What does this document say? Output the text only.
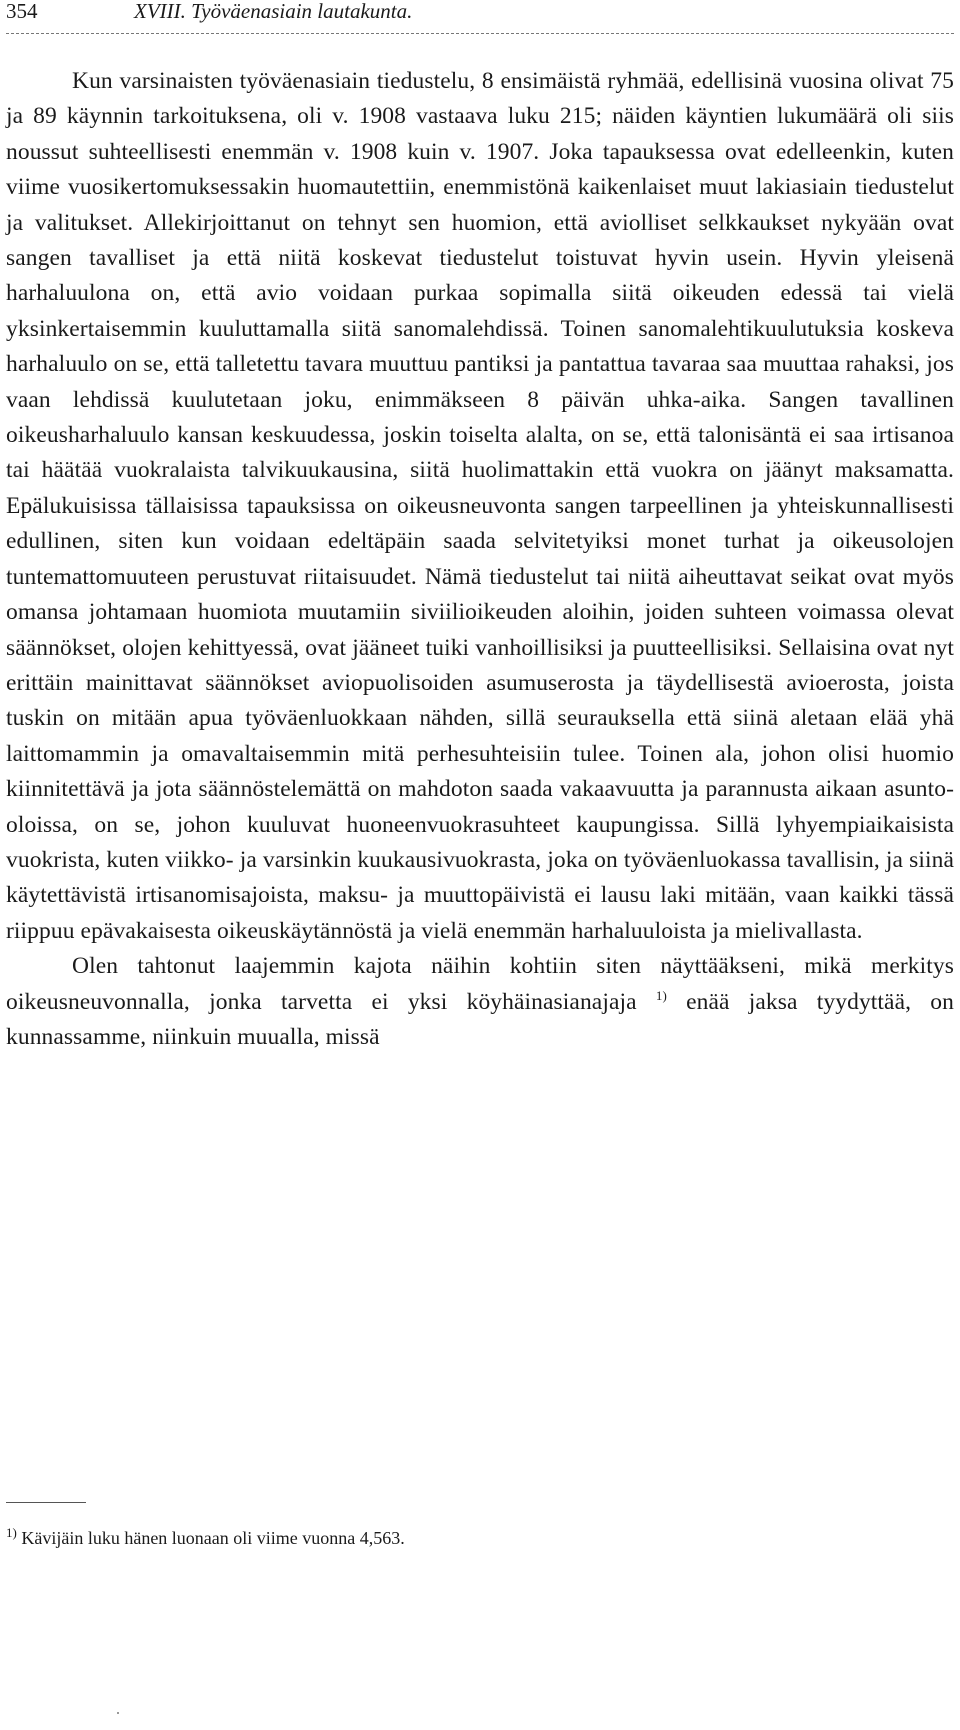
354	XVIII. Työväenasiain lautakunta.

Kun varsinaisten työväenasiain tiedustelu, 8 ensimäistä ryhmää, edellisinä vuosina olivat 75 ja 89 käynnin tarkoituksena, oli v. 1908 vastaava luku 215; näiden käyntien lukumäärä oli siis noussut suhteellisesti enemmän v. 1908 kuin v. 1907. Joka tapauksessa ovat edelleenkin, kuten viime vuosikertomuksessakin huomautettiin, enemmistönä kaikenlaiset muut lakiasiain tiedustelut ja valitukset. Allekirjoittanut on tehnyt sen huomion, että aviolliset selkkaukset nykyään ovat sangen tavalliset ja että niitä koskevat tiedustelut toistuvat hyvin usein. Hyvin yleisenä harhaluulona on, että avio voidaan purkaa sopimalla siitä oikeuden edessä tai vielä yksinkertaisemmin kuuluttamalla siitä sanomalehdissä. Toinen sanomalehtikuulutuksia koskeva harhaluulo on se, että talletettu tavara muuttuu pantiksi ja pantattua tavaraa saa muuttaa rahaksi, jos vaan lehdissä kuulutetaan joku, enimmäkseen 8 päivän uhka-aika. Sangen tavallinen oikeusharhaluulo kansan keskuudessa, joskin toiselta alalta, on se, että talonisäntä ei saa irtisanoa tai häätää vuokralaista talvikuukausina, siitä huolimattakin että vuokra on jäänyt maksamatta. Epälukuisissa tällaisissa tapauksissa on oikeusneuvonta sangen tarpeellinen ja yhteiskunnallisesti edullinen, siten kun voidaan edeltäpäin saada selvitetyiksi monet turhat ja oikeusolojen tuntemattomuuteen perustuvat riitaisuudet. Nämä tiedustelut tai niitä aiheuttavat seikat ovat myös omansa johtamaan huomiota muutamiin siviilioikeuden aloihin, joiden suhteen voimassa olevat säännökset, olojen kehittyessä, ovat jääneet tuiki vanhoillisiksi ja puutteellisiksi. Sellaisina ovat nyt erittäin mainittavat säännökset aviopuolisoiden asumuserosta ja täydellisestä avioerosta, joista tuskin on mitään apua työväenluokkaan nähden, sillä seurauksella että siinä aletaan elää yhä laittomammin ja omavaltaisemmin mitä perhesuhteisiin tulee. Toinen ala, johon olisi huomio kiinnitettävä ja jota säännöstelemättä on mahdoton saada vakaavuutta ja parannusta aikaan asunto-oloissa, on se, johon kuuluvat huoneenvuokrasuhteet kaupungissa. Sillä lyhyempiaikaisista vuokrista, kuten viikko- ja varsinkin kuukausivuokrasta, joka on työväenluokassa tavallisin, ja siinä käytettävistä irtisanomisajoista, maksu- ja muuttopäivistä ei lausu laki mitään, vaan kaikki tässä riippuu epävakaisesta oikeuskäytännöstä ja vielä enemmän harhaluuloista ja mielivallasta.

Olen tahtonut laajemmin kajota näihin kohtiin siten näyttääkseni, mikä merkitys oikeusneuvonnalla, jonka tarvetta ei yksi köyhäinasianajaja $^{1)}$ enää jaksa tyydyttää, on kunnassamme, niinkuin muualla, missä

$^{1)}$ Kävijäin luku hänen luonaan oli viime vuonna 4,563.
